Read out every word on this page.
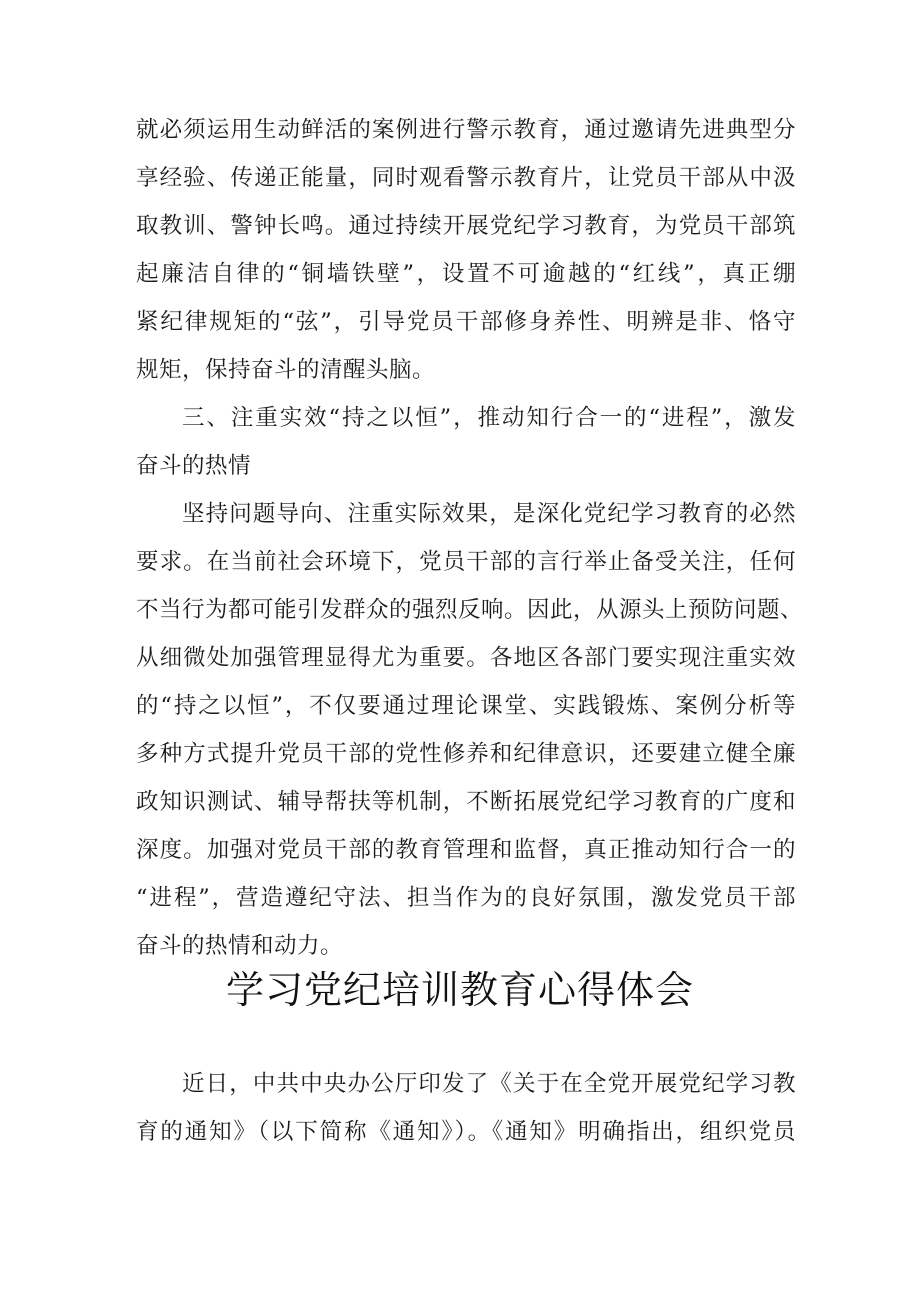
就必须运用生动鲜活的案例进行警示教育，通过邀请先进典型分
享经验、传递正能量，同时观看警示教育片，让党员干部从中汲
取教训、警钟长鸣。通过持续开展党纪学习教育，为党员干部筑
起廉洁自律的“铜墙铁壁”，设置不可逾越的“红线”，真正绷
紧纪律规矩的“弦”，引导党员干部修身养性、明辨是非、恪守
规矩，保持奋斗的清醒头脑。
三、注重实效“持之以恒”，推动知行合一的“进程”，激发
奋斗的热情
坚持问题导向、注重实际效果，是深化党纪学习教育的必然
要求。在当前社会环境下，党员干部的言行举止备受关注，任何
不当行为都可能引发群众的强烈反响。因此，从源头上预防问题、
从细微处加强管理显得尤为重要。各地区各部门要实现注重实效
的“持之以恒”，不仅要通过理论课堂、实践锻炼、案例分析等
多种方式提升党员干部的党性修养和纪律意识，还要建立健全廉
政知识测试、辅导帮扶等机制，不断拓展党纪学习教育的广度和
深度。加强对党员干部的教育管理和监督，真正推动知行合一的
“进程”，营造遵纪守法、担当作为的良好氛围，激发党员干部
奋斗的热情和动力。
学习党纪培训教育心得体会
近日，中共中央办公厅印发了《关于在全党开展党纪学习教
育的通知》（以下简称《通知》）。《通知》明确指出，组织党员
